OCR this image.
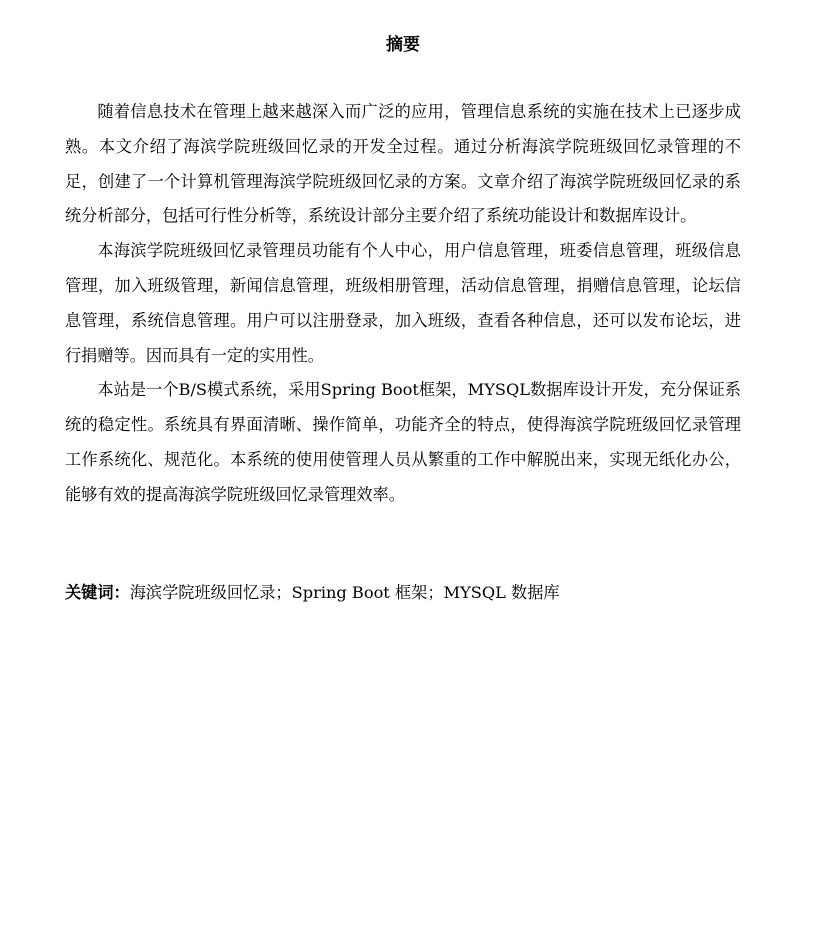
摘要

随着信息技术在管理上越来越深入而广泛的应用，管理信息系统的实施在技术上已逐步成熟。本文介绍了海滨学院班级回忆录的开发全过程。通过分析海滨学院班级回忆录管理的不足，创建了一个计算机管理海滨学院班级回忆录的方案。文章介绍了海滨学院班级回忆录的系统分析部分，包括可行性分析等，系统设计部分主要介绍了系统功能设计和数据库设计。

本海滨学院班级回忆录管理员功能有个人中心，用户信息管理，班委信息管理，班级信息管理，加入班级管理，新闻信息管理，班级相册管理，活动信息管理，捐赠信息管理，论坛信息管理，系统信息管理。用户可以注册登录，加入班级，查看各种信息，还可以发布论坛，进行捐赠等。因而具有一定的实用性。

本站是一个B/S模式系统，采用Spring Boot框架，MYSQL数据库设计开发，充分保证系统的稳定性。系统具有界面清晰、操作简单，功能齐全的特点，使得海滨学院班级回忆录管理工作系统化、规范化。本系统的使用使管理人员从繁重的工作中解脱出来，实现无纸化办公，能够有效的提高海滨学院班级回忆录管理效率。

关键词：海滨学院班级回忆录；Spring Boot 框架；MYSQL 数据库
